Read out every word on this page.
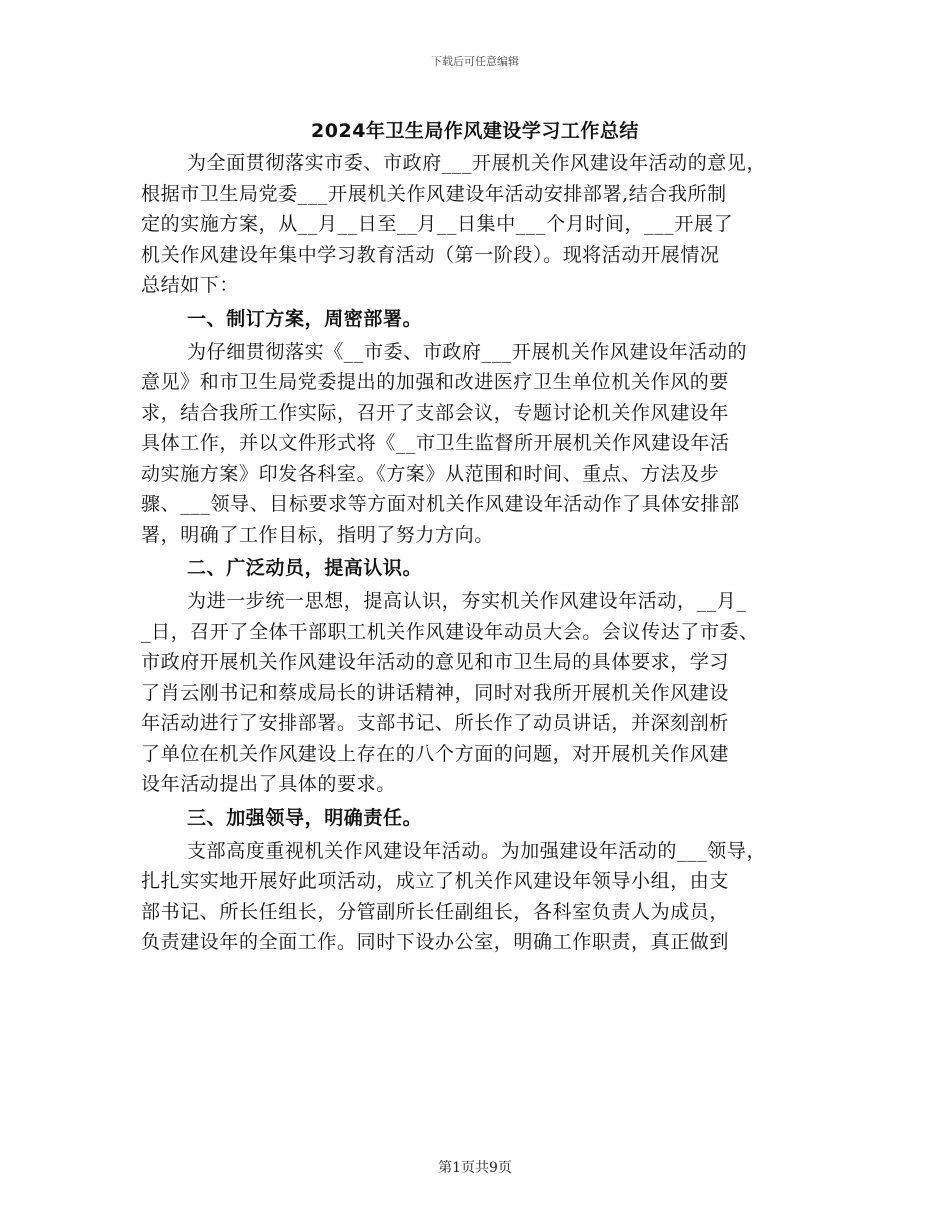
下载后可任意编辑
2024年卫生局作风建设学习工作总结
为全面贯彻落实市委、市政府___开展机关作风建设年活动的意见，
根据市卫生局党委___开展机关作风建设年活动安排部署,结合我所制
定的实施方案，从__月__日至__月__日集中___个月时间，___开展了
机关作风建设年集中学习教育活动（第一阶段）。现将活动开展情况
总结如下：
一、制订方案，周密部署。
为仔细贯彻落实《__市委、市政府___开展机关作风建设年活动的
意见》和市卫生局党委提出的加强和改进医疗卫生单位机关作风的要
求，结合我所工作实际，召开了支部会议，专题讨论机关作风建设年
具体工作，并以文件形式将《__市卫生监督所开展机关作风建设年活
动实施方案》印发各科室。《方案》从范围和时间、重点、方法及步
骤、___领导、目标要求等方面对机关作风建设年活动作了具体安排部
署，明确了工作目标，指明了努力方向。
二、广泛动员，提高认识。
为进一步统一思想，提高认识，夯实机关作风建设年活动，__月_
_日，召开了全体干部职工机关作风建设年动员大会。会议传达了市委、
市政府开展机关作风建设年活动的意见和市卫生局的具体要求，学习
了肖云刚书记和蔡成局长的讲话精神，同时对我所开展机关作风建设
年活动进行了安排部署。支部书记、所长作了动员讲话，并深刻剖析
了单位在机关作风建设上存在的八个方面的问题，对开展机关作风建
设年活动提出了具体的要求。
三、加强领导，明确责任。
支部高度重视机关作风建设年活动。为加强建设年活动的___领导，
扎扎实实地开展好此项活动，成立了机关作风建设年领导小组，由支
部书记、所长任组长，分管副所长任副组长，各科室负责人为成员，
负责建设年的全面工作。同时下设办公室，明确工作职责，真正做到
第1页共9页
